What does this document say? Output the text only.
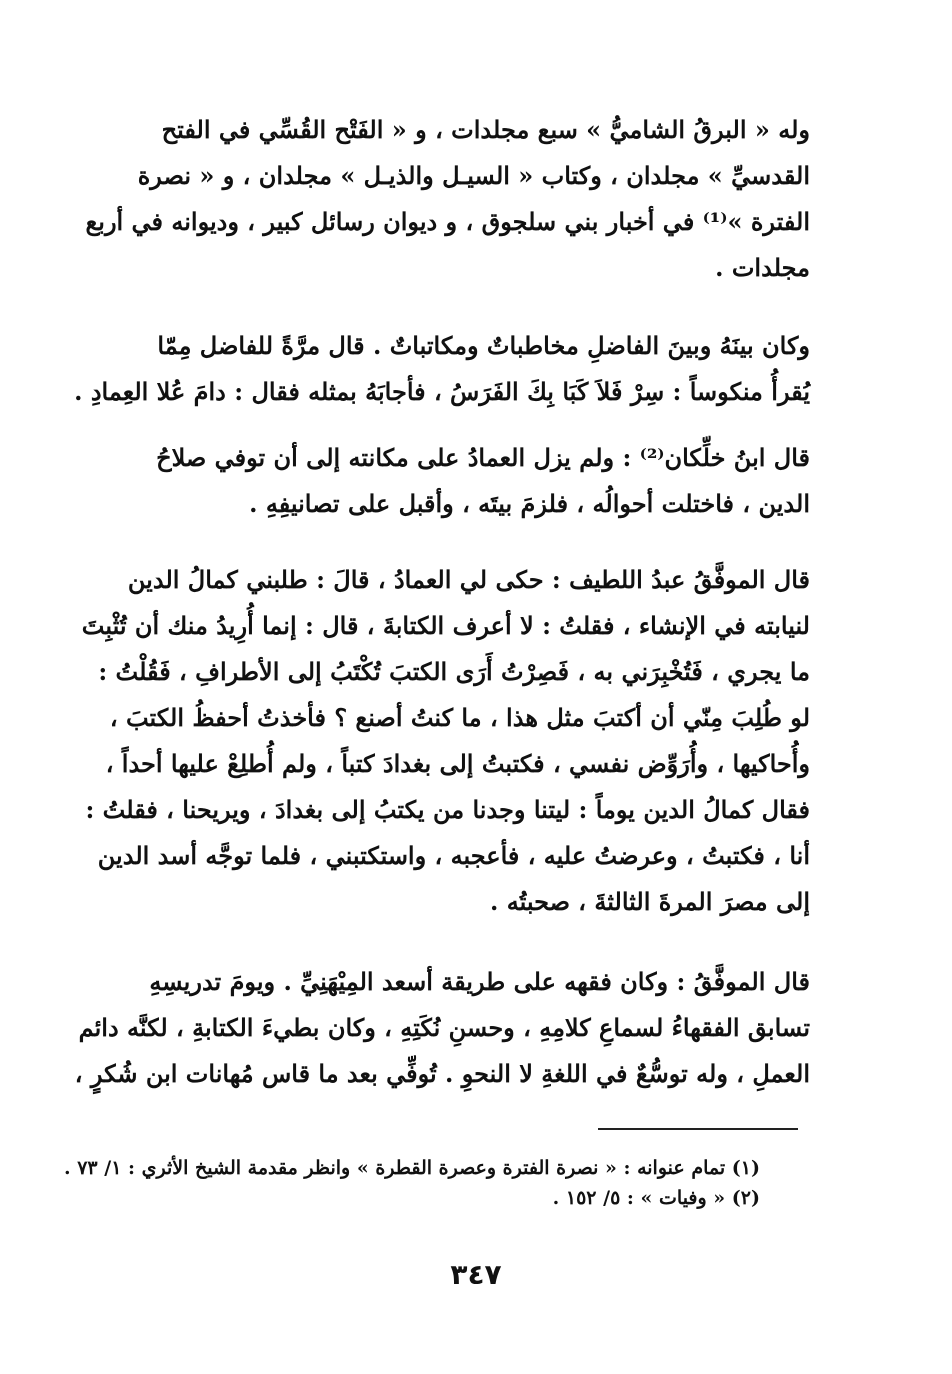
وله « البرقُ الشاميُّ » سبع مجلدات ، و « الفَتْح القُسِّي في الفتح
القدسيِّ » مجلدان ، وكتاب « السيـل والذيـل » مجلدان ، و « نصرة
الفترة »⁽¹⁾ في أخبار بني سلجوق ، و ديوان رسائل كبير ، وديوانه في أربع
مجلدات .

وكان بينَهُ وبينَ الفاضلِ مخاطباتٌ ومكاتباتٌ . قال مرَّةً للفاضل مِمّا
يُقرأُ منكوساً : سِرْ فَلاَ كَبَا بِكَ الفَرَسُ ، فأجابَهُ بمثله فقال : دامَ عُلا العِمادِ .

قال ابنُ خلِّكان⁽²⁾ : ولم يزل العمادُ على مكانته إلى أن توفي صلاحُ
الدين ، فاختلت أحوالُه ، فلزمَ بيتَه ، وأقبل على تصانيفِهِ .

قال الموفَّقُ عبدُ اللطيف : حكى لي العمادُ ، قالَ : طلبني كمالُ الدين
لنيابته في الإنشاء ، فقلتُ : لا أعرف الكتابةَ ، قال : إنما أُرِيدُ منك أن تُثْبِتَ
ما يجري ، فَتُخْبِرَني به ، فَصِرْتُ أَرَى الكتبَ تُكْتَبُ إلى الأطرافِ ، فَقُلْتُ :
لو طُلِبَ مِنّي أن أكتبَ مثل هذا ، ما كنتُ أصنع ؟ فأخذتُ أحفظُ الكتبَ ،
وأُحاكيها ، وأُرَوِّض نفسي ، فكتبتُ إلى بغدادَ كتباً ، ولم أُطلِعْ عليها أحداً ،
فقال كمالُ الدين يوماً : ليتنا وجدنا من يكتبُ إلى بغدادَ ، ويريحنا ، فقلتُ :
أنا ، فكتبتُ ، وعرضتُ عليه ، فأعجبه ، واستكتبني ، فلما توجَّه أسد الدين
إلى مصرَ المرةَ الثالثةَ ، صحبتُه .

قال الموفَّقُ : وكان فقهه على طريقة أسعد المِيْهَنِيِّ . ويومَ تدريسِهِ
تسابق الفقهاءُ لسماعِ كلامِهِ ، وحسنِ نُكَتِهِ ، وكان بطيءَ الكتابةِ ، لكنَّه دائم
العملِ ، وله توسُّعٌ في اللغةِ لا النحوِ . تُوفِّي بعد ما قاس مُهانات ابن شُكرٍ ،

(١) تمام عنوانه : « نصرة الفترة وعصرة القطرة » وانظر مقدمة الشيخ الأثري : ١/ ٧٣ .
(٢) « وفيات » : ٥/ ١٥٢ .
٣٤٧
